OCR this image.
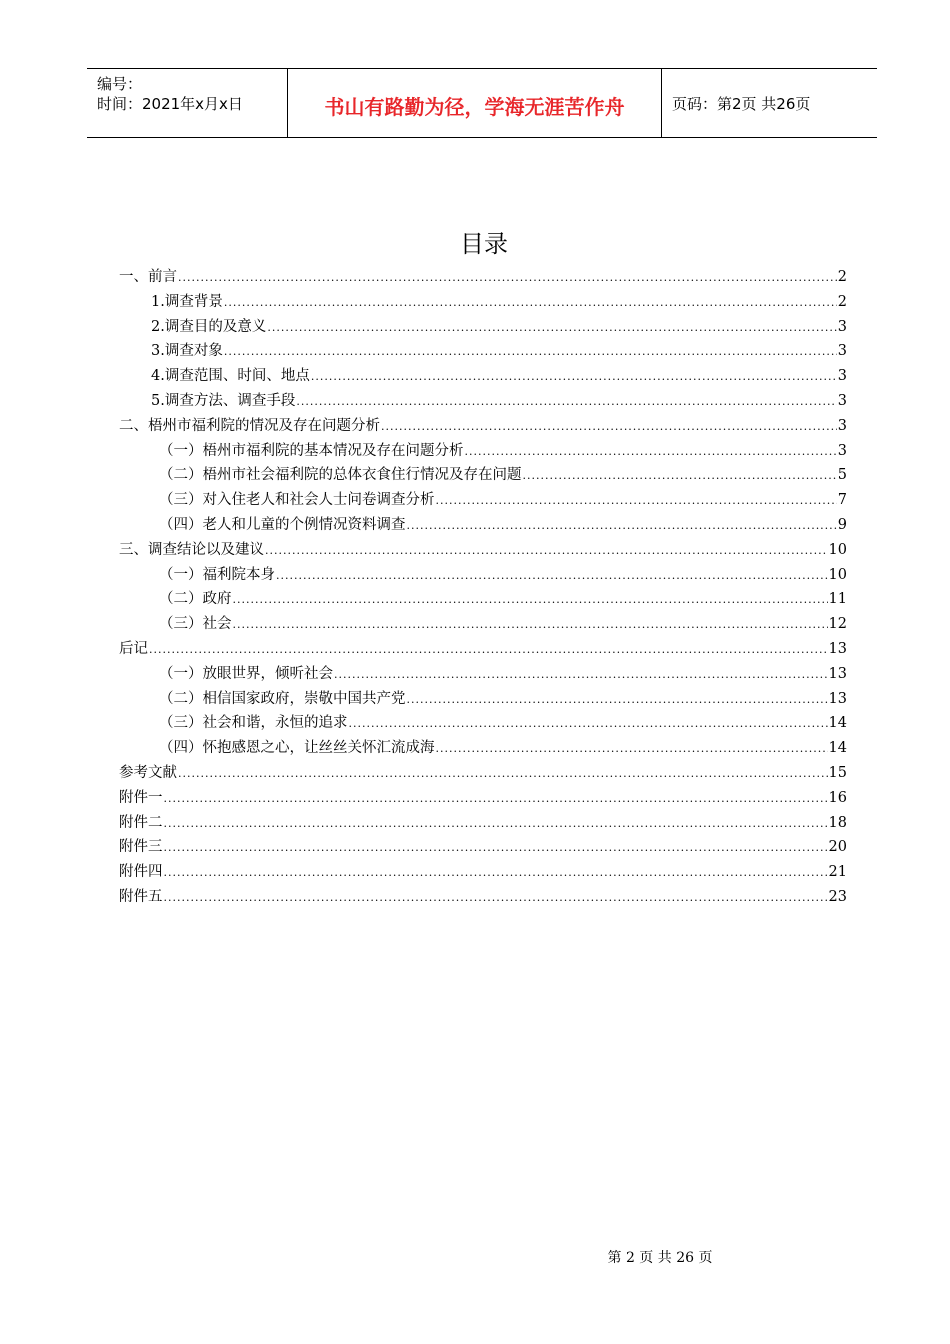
编号：
时间：2021年x月x日	书山有路勤为径，学海无涯苦作舟	页码：第2页 共26页
目录
一、前言 .....	2
1.调查背景 .....	2
2.调查目的及意义 .....	3
3.调查对象 .....	3
4.调查范围、时间、地点 .....	3
5.调查方法、调查手段 .....	3
二、梧州市福利院的情况及存在问题分析 .....	3
（一）梧州市福利院的基本情况及存在问题分析 .....	3
（二）梧州市社会福利院的总体衣食住行情况及存在问题 .....	5
（三）对入住老人和社会人士问卷调查分析 .....	7
（四）老人和儿童的个例情况资料调查 .....	9
三、调查结论以及建议 .....	10
（一）福利院本身 .....	10
（二）政府 .....	11
（三）社会 .....	12
后记 .....	13
（一）放眼世界，倾听社会 .....	13
（二）相信国家政府，崇敬中国共产党 .....	13
（三）社会和谐，永恒的追求 .....	14
（四）怀抱感恩之心，让丝丝关怀汇流成海 .....	14
参考文献 .....	15
附件一 .....	16
附件二 .....	18
附件三 .....	20
附件四 .....	21
附件五 .....	23
第 2 页 共 26 页
